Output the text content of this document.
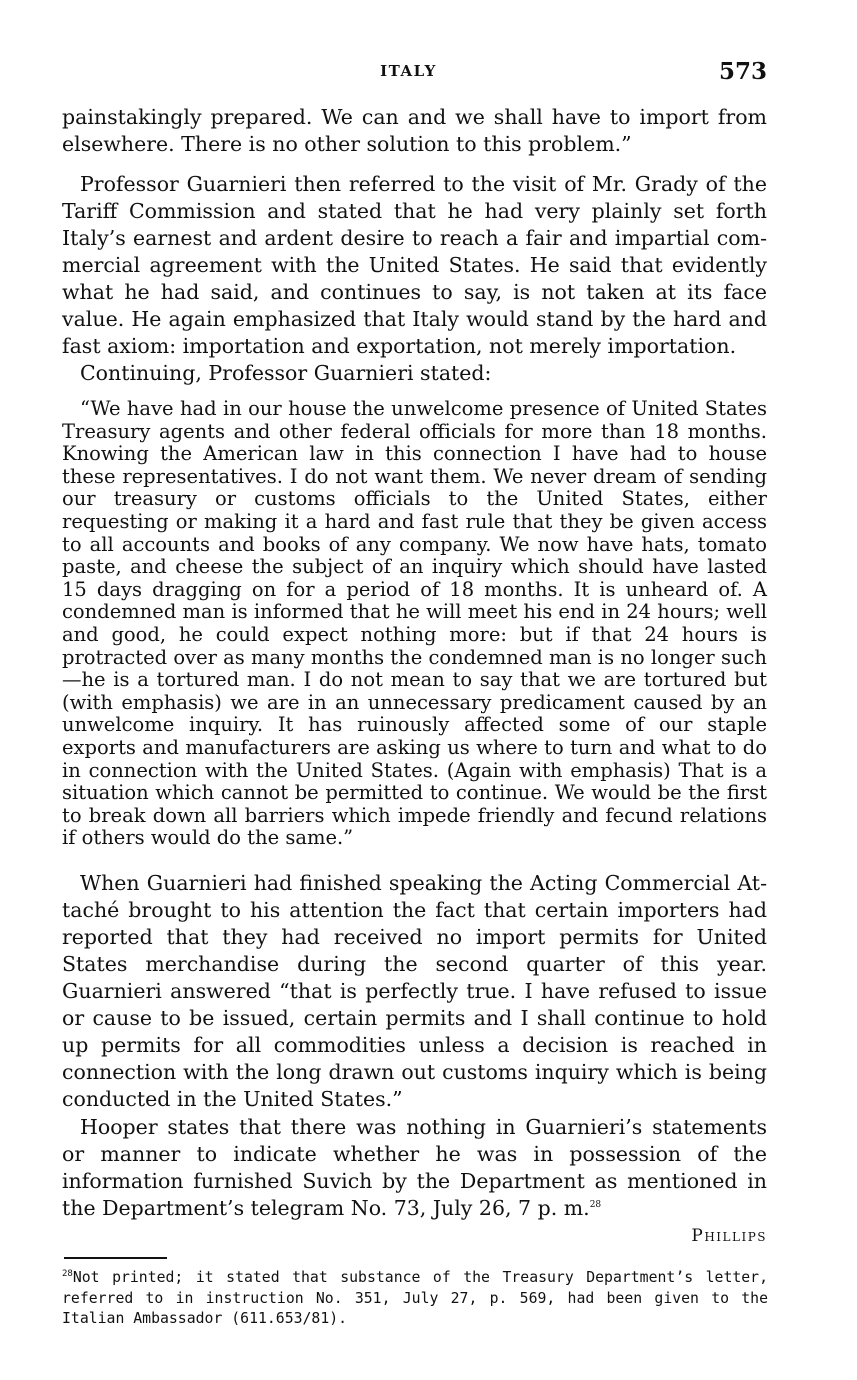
ITALY	573

painstakingly prepared. We can and we shall have to import from elsewhere. There is no other solution to this problem.”

Professor Guarnieri then referred to the visit of Mr. Grady of the Tariff Commission and stated that he had very plainly set forth Italy’s earnest and ardent desire to reach a fair and impartial commercial agreement with the United States. He said that evidently what he had said, and continues to say, is not taken at its face value. He again emphasized that Italy would stand by the hard and fast axiom: importation and exportation, not merely importation.

Continuing, Professor Guarnieri stated:

“We have had in our house the unwelcome presence of United States Treasury agents and other federal officials for more than 18 months. Knowing the American law in this connection I have had to house these representatives. I do not want them. We never dream of sending our treasury or customs officials to the United States, either requesting or making it a hard and fast rule that they be given access to all accounts and books of any company. We now have hats, tomato paste, and cheese the subject of an inquiry which should have lasted 15 days dragging on for a period of 18 months. It is unheard of. A condemned man is informed that he will meet his end in 24 hours; well and good, he could expect nothing more: but if that 24 hours is protracted over as many months the condemned man is no longer such—he is a tortured man. I do not mean to say that we are tortured but (with emphasis) we are in an unnecessary predicament caused by an unwelcome inquiry. It has ruinously affected some of our staple exports and manufacturers are asking us where to turn and what to do in connection with the United States. (Again with emphasis) That is a situation which cannot be permitted to continue. We would be the first to break down all barriers which impede friendly and fecund relations if others would do the same.”

When Guarnieri had finished speaking the Acting Commercial Attaché brought to his attention the fact that certain importers had reported that they had received no import permits for United States merchandise during the second quarter of this year. Guarnieri answered “that is perfectly true. I have refused to issue or cause to be issued, certain permits and I shall continue to hold up permits for all commodities unless a decision is reached in connection with the long drawn out customs inquiry which is being conducted in the United States.”

Hooper states that there was nothing in Guarnieri’s statements or manner to indicate whether he was in possession of the information furnished Suvich by the Department as mentioned in the Department’s telegram No. 73, July 26, 7 p. m.$^{28}$

Phillips

$^{28}$Not printed; it stated that substance of the Treasury Department’s letter, referred to in instruction No. 351, July 27, p. 569, had been given to the Italian Ambassador (611.653/81).
